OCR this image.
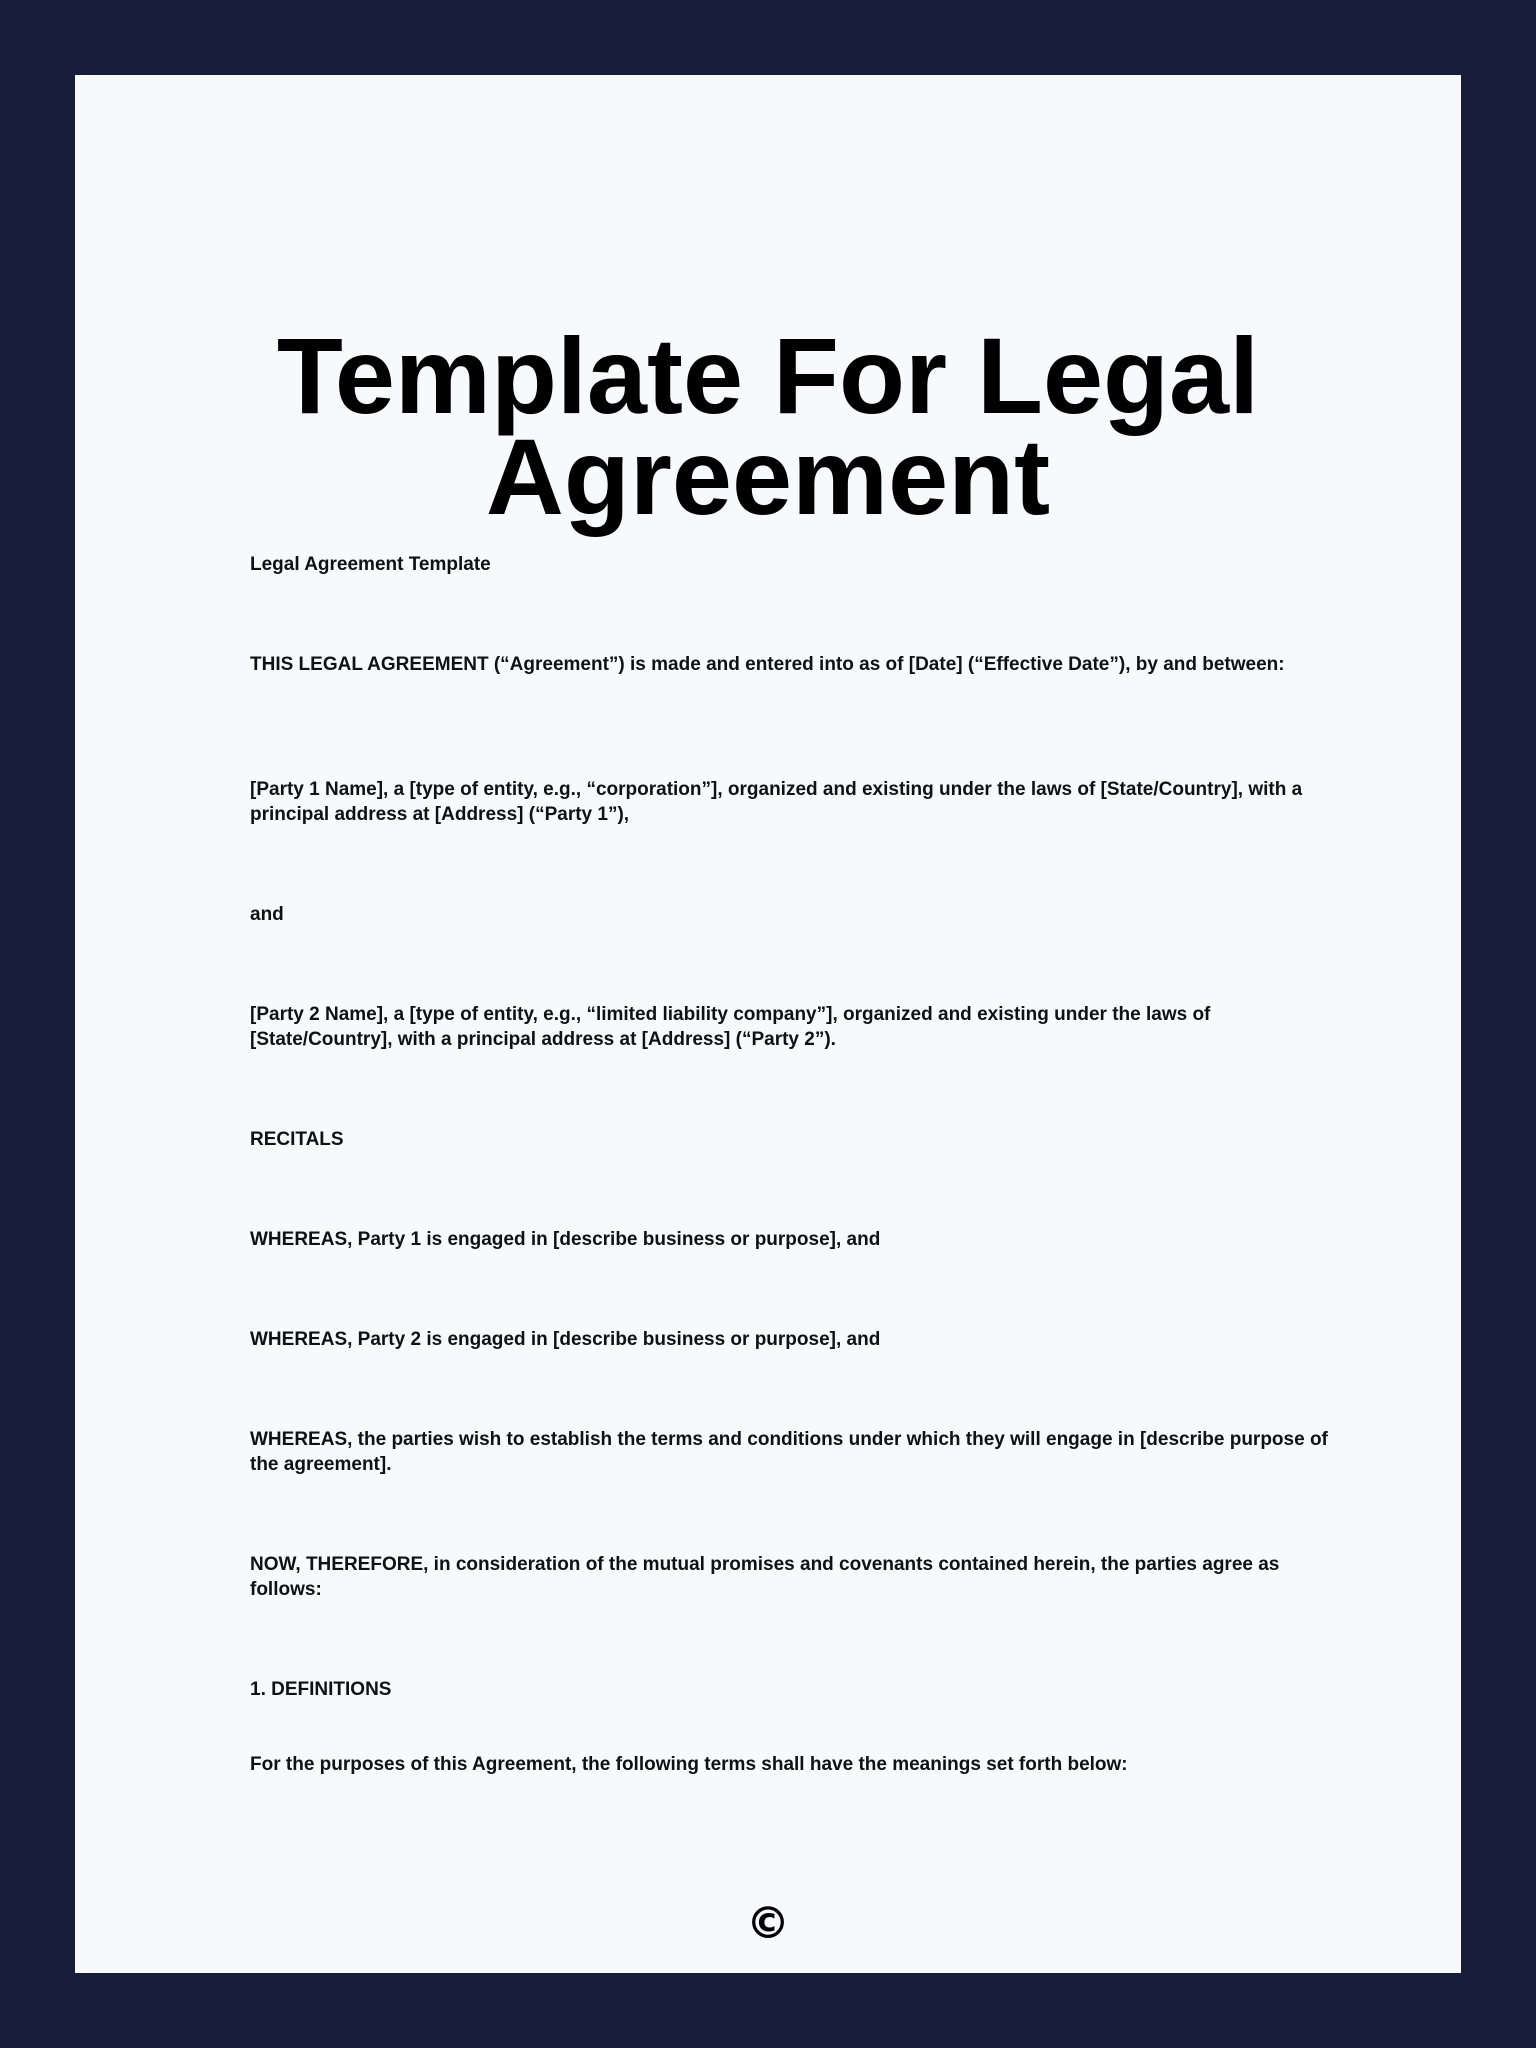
Template For Legal
Agreement

Legal Agreement Template

THIS LEGAL AGREEMENT (“Agreement”) is made and entered into as of [Date] (“Effective Date”), by and between:

[Party 1 Name], a [type of entity, e.g., “corporation”], organized and existing under the laws of [State/Country], with a principal address at [Address] (“Party 1”),

and

[Party 2 Name], a [type of entity, e.g., “limited liability company”], organized and existing under the laws of [State/Country], with a principal address at [Address] (“Party 2”).

RECITALS

WHEREAS, Party 1 is engaged in [describe business or purpose], and

WHEREAS, Party 2 is engaged in [describe business or purpose], and

WHEREAS, the parties wish to establish the terms and conditions under which they will engage in [describe purpose of the agreement].

NOW, THEREFORE, in consideration of the mutual promises and covenants contained herein, the parties agree as follows:

1. DEFINITIONS

For the purposes of this Agreement, the following terms shall have the meanings set forth below:

©
